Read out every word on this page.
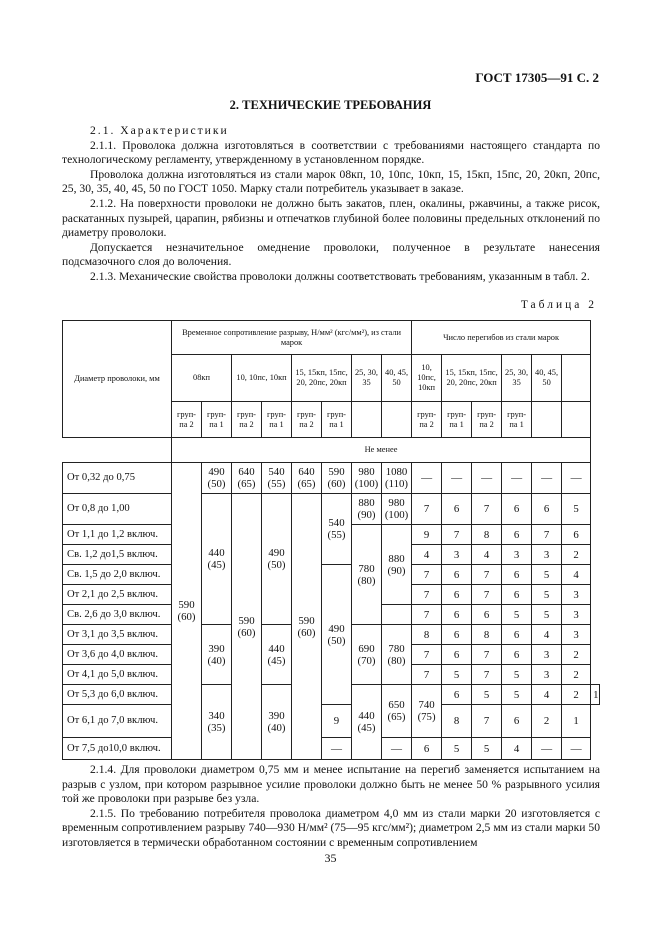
ГОСТ 17305—91 С. 2
2. ТЕХНИЧЕСКИЕ ТРЕБОВАНИЯ

2.1. Характеристики

2.1.1. Проволока должна изготовляться в соответствии с требованиями настоящего стандарта по технологическому регламенту, утвержденному в установленном порядке.

Проволока должна изготовляться из стали марок 08кп, 10, 10пс, 10кп, 15, 15кп, 15пс, 20, 20кп, 20пс, 25, 30, 35, 40, 45, 50 по ГОСТ 1050. Марку стали потребитель указывает в заказе.

2.1.2. На поверхности проволоки не должно быть закатов, плен, окалины, ржавчины, а также рисок, раскатанных пузырей, царапин, рябизны и отпечатков глубиной более половины предельных отклонений по диаметру проволоки.

Допускается незначительное омеднение проволоки, полученное в результате нанесения подсмазочного слоя до волочения.

2.1.3. Механические свойства проволоки должны соответствовать требованиям, указанным в табл. 2.

Таблица 2
Диаметр проволоки, мм	Временное сопротивление разрыву, Н/мм² (кгс/мм²), из стали марок								Число перегибов из стали марок						
	08кп		10, 10пс, 10кп		15, 15кп, 15пс, 20, 20пс, 20кп		25, 30, 35	40, 45, 50	10, 10пс, 10кп	15, 15кп, 15пс, 20, 20пс, 20кп		25, 30, 35	40, 45, 50		
	груп- па 2	груп- па 1	груп- па 2	груп- па 1	груп- па 2	груп- па 1			груп- па 2	груп- па 1	груп- па 2	груп- па 1			
	Не менее														
От 0,32 до 0,75	590 (60)	490 (50)	640 (65)	540 (55)	640 (65)	590 (60)	980 (100)	1080 (110)	—	—	—	—	—	—	
От 0,8 до 1,00		440 (45)	590 (60)	490 (50)	590 (60)	540 (55)	880 (90)	980 (100)	7	6	7	6	6	5	
От 1,1 до 1,2 включ.							780 (80)	880 (90)	9	7	8	6	7	6	
Св. 1,2 до1,5 включ.									4	3	4	3	3	2	
Св. 1,5 до 2,0 включ.						490 (50)			7	6	7	6	5	4	
От 2,1 до 2,5 включ.									7	6	7	6	5	3	
Св. 2,6 до 3,0 включ.									7	6	6	5	5	3	
От 3,1 до 3,5 включ.		390 (40)		440 (45)			690 (70)	780 (80)	8	6	8	6	4	3	
От 3,6 до 4,0 включ.									7	6	7	6	3	2	
От 4,1 до 5,0 включ.									7	5	7	5	3	2	
От 5,3 до 6,0 включ.		340 (35)		390 (40)			440 (45)	650 (65)	740 (75)	6	5	5	4	2	1
От 6,1 до 7,0 включ.						9				8	7	6	2	1	
От 7,5 до10,0 включ.						—		—	6	5	5	4	—	—	

2.1.4. Для проволоки диаметром 0,75 мм и менее испытание на перегиб заменяется испытанием на разрыв с узлом, при котором разрывное усилие проволоки должно быть не менее 50 % разрывного усилия той же проволоки при разрыве без узла.

2.1.5. По требованию потребителя проволока диаметром 4,0 мм из стали марки 20 изготовляется с временным сопротивлением разрыву 740—930 Н/мм² (75—95 кгс/мм²); диаметром 2,5 мм из стали марки 50 изготовляется в термически обработанном состоянии с временным сопротивлением

35
